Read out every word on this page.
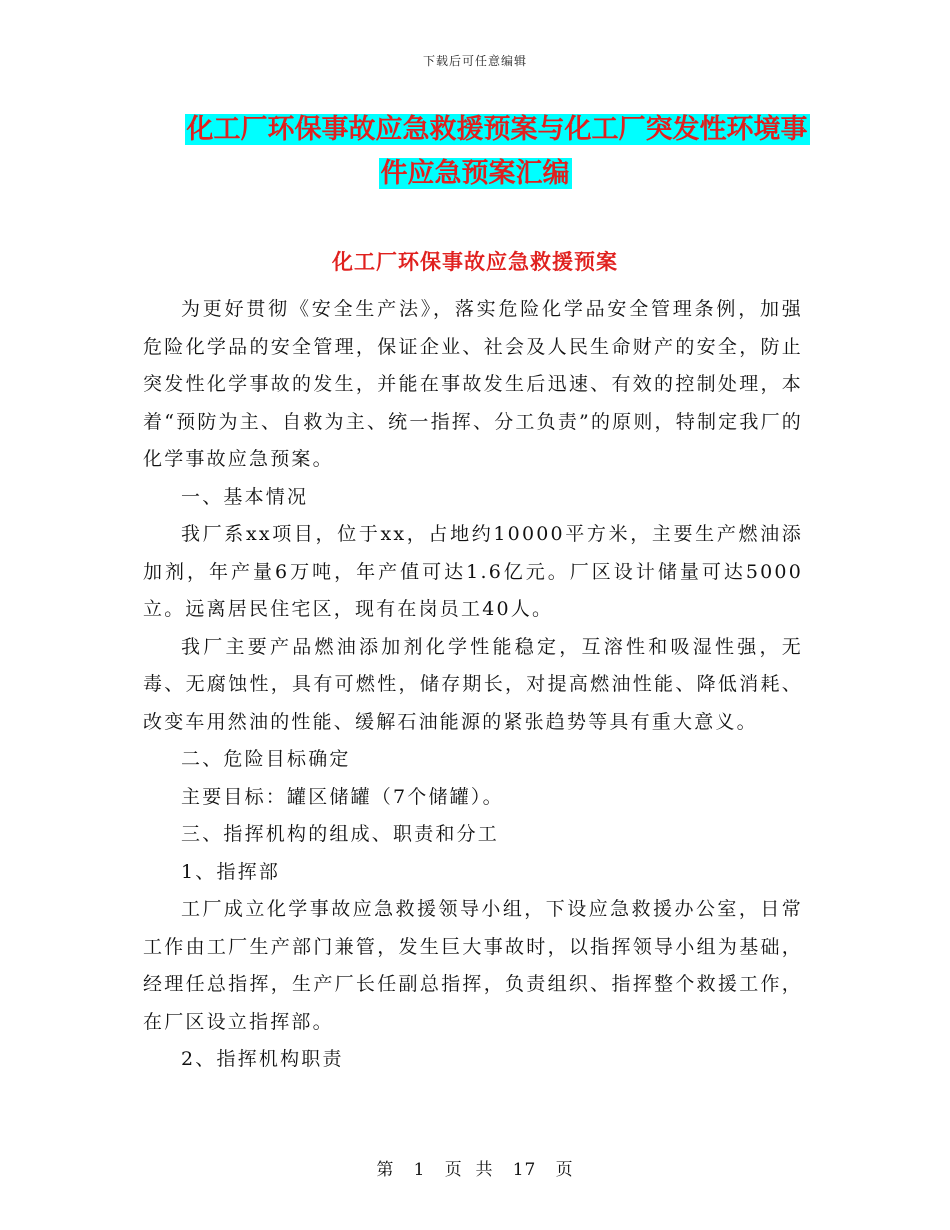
下载后可任意编辑
化工厂环保事故应急救援预案与化工厂突发性环境事
件应急预案汇编
化工厂环保事故应急救援预案

为更好贯彻《安全生产法》，落实危险化学品安全管理条例，加强危险化学品的安全管理，保证企业、社会及人民生命财产的安全，防止突发性化学事故的发生，并能在事故发生后迅速、有效的控制处理，本着“预防为主、自救为主、统一指挥、分工负责”的原则，特制定我厂的化学事故应急预案。

一、基本情况

我厂系xx项目，位于xx，占地约10000平方米，主要生产燃油添加剂，年产量6万吨，年产值可达1.6亿元。厂区设计储量可达5000立。远离居民住宅区，现有在岗员工40人。

我厂主要产品燃油添加剂化学性能稳定，互溶性和吸湿性强，无毒、无腐蚀性，具有可燃性，储存期长，对提高燃油性能、降低消耗、改变车用然油的性能、缓解石油能源的紧张趋势等具有重大意义。

二、危险目标确定

主要目标：罐区储罐（7个储罐）。

三、指挥机构的组成、职责和分工

1、指挥部

工厂成立化学事故应急救援领导小组，下设应急救援办公室，日常工作由工厂生产部门兼管，发生巨大事故时，以指挥领导小组为基础，经理任总指挥，生产厂长任副总指挥，负责组织、指挥整个救援工作，在厂区设立指挥部。

2、指挥机构职责

第 1 页  共 17 页
